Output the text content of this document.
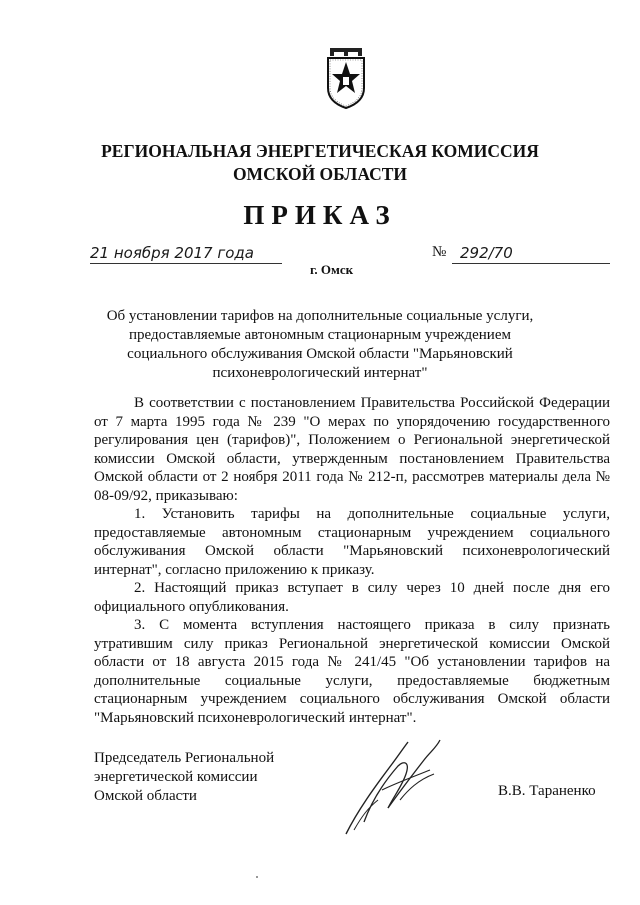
РЕГИОНАЛЬНАЯ ЭНЕРГЕТИЧЕСКАЯ КОМИССИЯ
ОМСКОЙ ОБЛАСТИ
ПРИКАЗ
21 ноября 2017 года	№ 292/70
г. Омск
Об установлении тарифов на дополнительные социальные услуги, предоставляемые автономным стационарным учреждением социального обслуживания Омской области "Марьяновский психоневрологический интернат"

В соответствии с постановлением Правительства Российской Федерации от 7 марта 1995 года № 239 "О мерах по упорядочению государственного регулирования цен (тарифов)", Положением о Региональной энергетической комиссии Омской области, утвержденным постановлением Правительства Омской области от 2 ноября 2011 года № 212-п, рассмотрев материалы дела № 08-09/92, приказываю:

1. Установить тарифы на дополнительные социальные услуги, предоставляемые автономным стационарным учреждением социального обслуживания Омской области "Марьяновский психоневрологический интернат", согласно приложению к приказу.

2. Настоящий приказ вступает в силу через 10 дней после дня его официального опубликования.

3. С момента вступления настоящего приказа в силу признать утратившим силу приказ Региональной энергетической комиссии Омской области от 18 августа 2015 года № 241/45 "Об установлении тарифов на дополнительные социальные услуги, предоставляемые бюджетным стационарным учреждением социального обслуживания Омской области "Марьяновский психоневрологический интернат".

Председатель Региональной
энергетической комиссии
Омской области	В.В. Тараненко
